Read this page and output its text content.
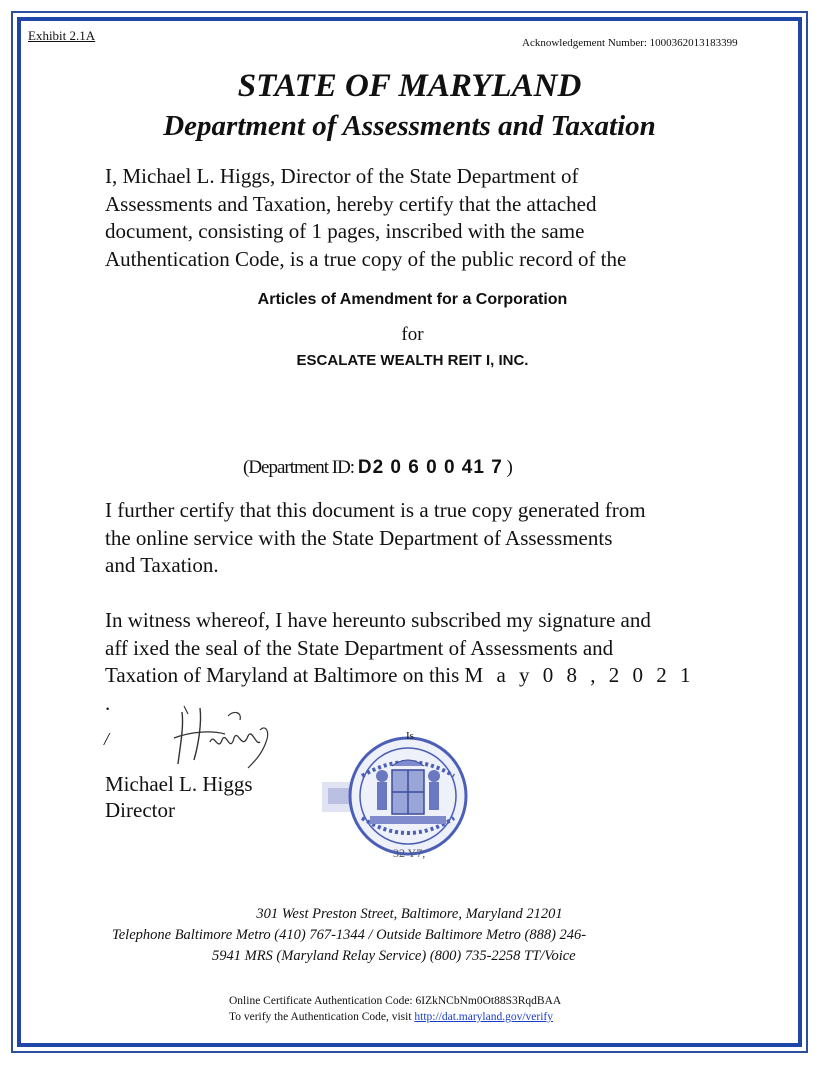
Exhibit 2.1A	Acknowledgement Number: 1000362013183399
STATE OF MARYLAND
Department of Assessments and Taxation
I, Michael L. Higgs, Director of the State Department of
Assessments and Taxation, hereby certify that the attached
document, consisting of 1 pages, inscribed with the same
Authentication Code, is a true copy of the public record of the
Articles of Amendment for a Corporation
for
ESCALATE WEALTH REIT I, INC.
(Department ID: D2 0 6 0 0 41 7 )
I further certify that this document is a true copy generated from
the online service with the State Department of Assessments
and Taxation.
In witness whereof, I have hereunto subscribed my signature and
aff ixed the seal of the State Department of Assessments and
Taxation of Maryland at Baltimore on this M a y 0 8 , 2 0 2 1 .
/
Michael L. Higgs
Director
Is
32 Y7,
301 West Preston Street, Baltimore, Maryland 21201
Telephone Baltimore Metro (410) 767-1344 / Outside Baltimore Metro (888) 246-
5941 MRS (Maryland Relay Service) (800) 735-2258 TT/Voice
Online Certificate Authentication Code: 6IZkNCbNm0Ot88S3RqdBAA
To verify the Authentication Code, visit http://dat.maryland.gov/verify
